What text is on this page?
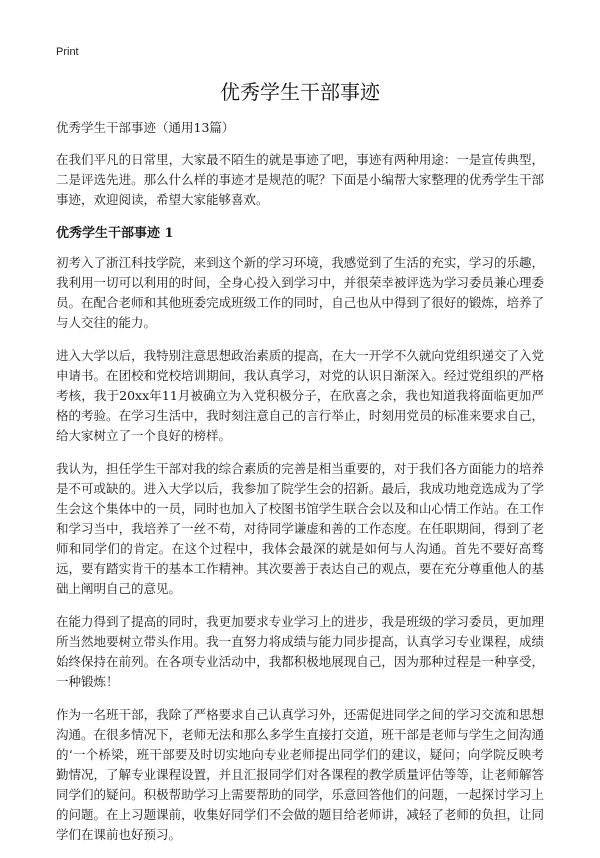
Print
优秀学生干部事迹
优秀学生干部事迹（通用13篇）

在我们平凡的日常里，大家最不陌生的就是事迹了吧，事迹有两种用途：一是宣传典型，二是评选先进。那么什么样的事迹才是规范的呢？下面是小编帮大家整理的优秀学生干部事迹，欢迎阅读，希望大家能够喜欢。

优秀学生干部事迹 1

初考入了浙江科技学院，来到这个新的学习环境，我感觉到了生活的充实，学习的乐趣，我利用一切可以利用的时间，全身心投入到学习中，并很荣幸被评选为学习委员兼心理委员。在配合老师和其他班委完成班级工作的同时，自己也从中得到了很好的锻炼，培养了与人交往的能力。

进入大学以后，我特别注意思想政治素质的提高，在大一开学不久就向党组织递交了入党申请书。在团校和党校培训期间，我认真学习，对党的认识日渐深入。经过党组织的严格考核，我于20xx年11月被确立为入党积极分子，在欣喜之余，我也知道我将面临更加严格的考验。在学习生活中，我时刻注意自己的言行举止，时刻用党员的标准来要求自己，给大家树立了一个良好的榜样。

我认为，担任学生干部对我的综合素质的完善是相当重要的，对于我们各方面能力的培养是不可或缺的。进入大学以后，我参加了院学生会的招新。最后，我成功地竞选成为了学生会这个集体中的一员，同时也加入了校图书馆学生联合会以及和山心情工作站。在工作和学习当中，我培养了一丝不苟，对待同学谦虚和善的工作态度。在任职期间，得到了老师和同学们的肯定。在这个过程中，我体会最深的就是如何与人沟通。首先不要好高骛远，要有踏实肯干的基本工作精神。其次要善于表达自己的观点，要在充分尊重他人的基础上阐明自己的意见。

在能力得到了提高的同时，我更加要求专业学习上的进步，我是班级的学习委员，更加理所当然地要树立带头作用。我一直努力将成绩与能力同步提高，认真学习专业课程，成绩始终保持在前列。在各项专业活动中，我都积极地展现自己，因为那种过程是一种享受，一种锻炼！

作为一名班干部，我除了严格要求自己认真学习外，还需促进同学之间的学习交流和思想沟通。在很多情况下，老师无法和那么多学生直接打交道，班干部是老师与学生之间沟通的‘一个桥梁，班干部要及时切实地向专业老师提出同学们的建议，疑问；向学院反映考勤情况，了解专业课程设置，并且汇报同学们对各课程的教学质量评估等等，让老师解答同学们的疑问。积极帮助学习上需要帮助的同学，乐意回答他们的问题，一起探讨学习上的问题。在上习题课前，收集好同学们不会做的题目给老师讲，减轻了老师的负担，让同学们在课前也好预习。
